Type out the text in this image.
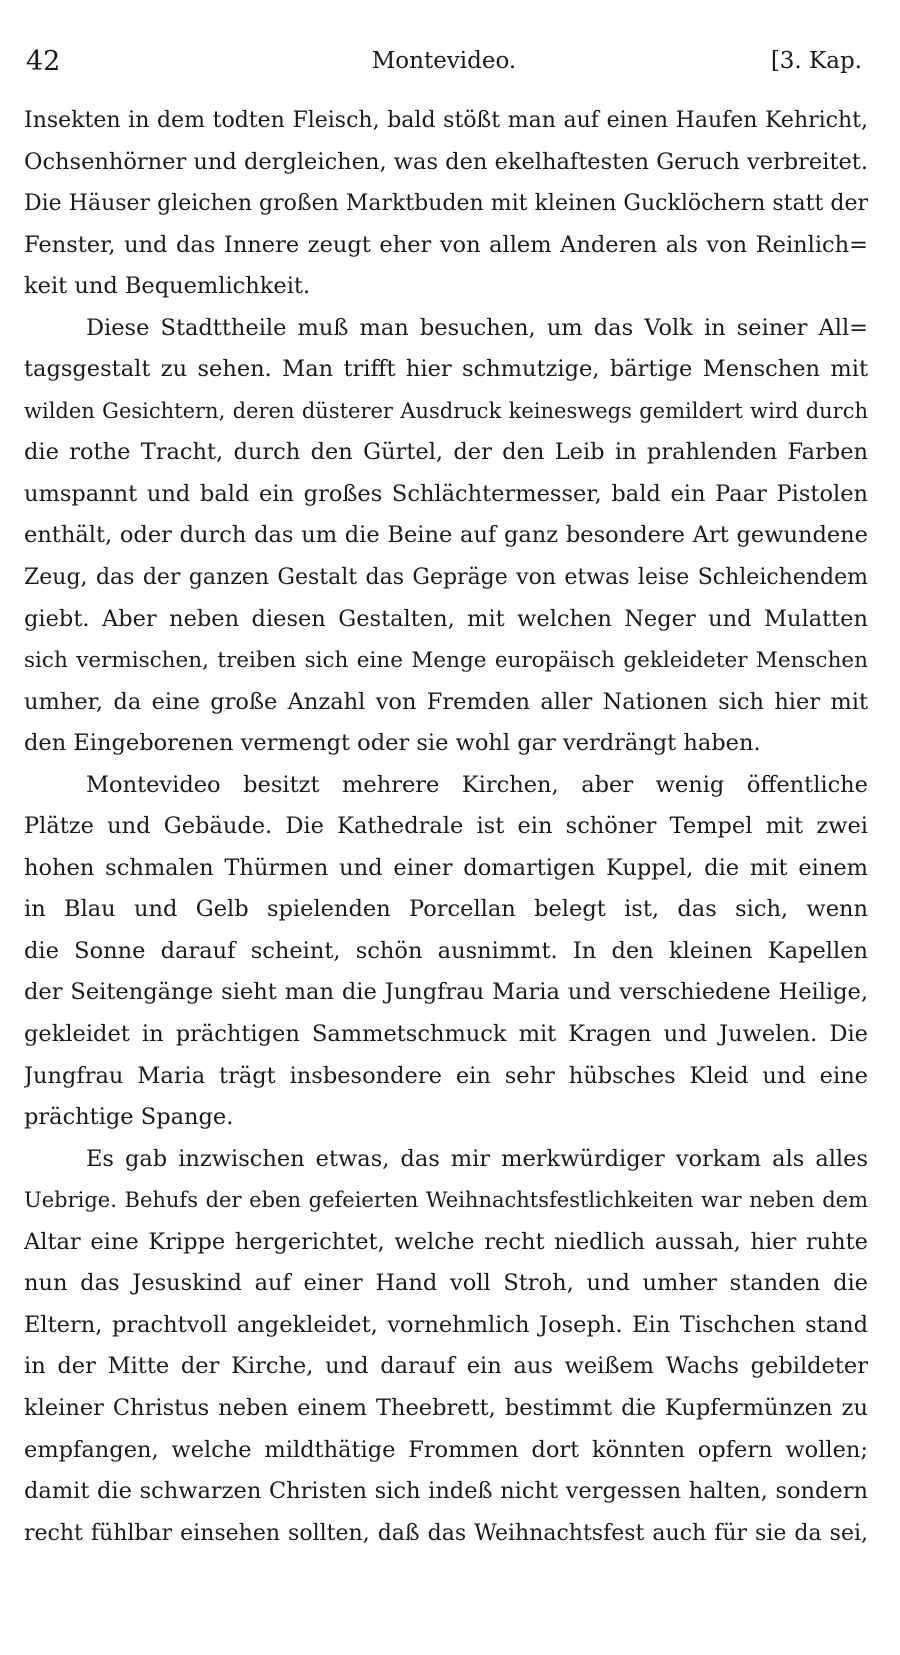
42	Montevideo.	[3. Kap.
Insekten in dem todten Fleisch, bald stößt man auf einen Haufen Kehricht,
Ochsenhörner und dergleichen, was den ekelhaftesten Geruch verbreitet.
Die Häuser gleichen großen Marktbuden mit kleinen Gucklöchern statt der
Fenster, und das Innere zeugt eher von allem Anderen als von Reinlich=
keit und Bequemlichkeit.
Diese Stadttheile muß man besuchen, um das Volk in seiner All=
tagsgestalt zu sehen. Man trifft hier schmutzige, bärtige Menschen mit
wilden Gesichtern, deren düsterer Ausdruck keineswegs gemildert wird durch
die rothe Tracht, durch den Gürtel, der den Leib in prahlenden Farben
umspannt und bald ein großes Schlächtermesser, bald ein Paar Pistolen
enthält, oder durch das um die Beine auf ganz besondere Art gewundene
Zeug, das der ganzen Gestalt das Gepräge von etwas leise Schleichendem
giebt. Aber neben diesen Gestalten, mit welchen Neger und Mulatten
sich vermischen, treiben sich eine Menge europäisch gekleideter Menschen
umher, da eine große Anzahl von Fremden aller Nationen sich hier mit
den Eingeborenen vermengt oder sie wohl gar verdrängt haben.
Montevideo besitzt mehrere Kirchen, aber wenig öffentliche
Plätze und Gebäude. Die Kathedrale ist ein schöner Tempel mit zwei
hohen schmalen Thürmen und einer domartigen Kuppel, die mit einem
in Blau und Gelb spielenden Porcellan belegt ist, das sich, wenn
die Sonne darauf scheint, schön ausnimmt. In den kleinen Kapellen
der Seitengänge sieht man die Jungfrau Maria und verschiedene Heilige,
gekleidet in prächtigen Sammetschmuck mit Kragen und Juwelen. Die
Jungfrau Maria trägt insbesondere ein sehr hübsches Kleid und eine
prächtige Spange.
Es gab inzwischen etwas, das mir merkwürdiger vorkam als alles
Uebrige. Behufs der eben gefeierten Weihnachtsfestlichkeiten war neben dem
Altar eine Krippe hergerichtet, welche recht niedlich aussah, hier ruhte
nun das Jesuskind auf einer Hand voll Stroh, und umher standen die
Eltern, prachtvoll angekleidet, vornehmlich Joseph. Ein Tischchen stand
in der Mitte der Kirche, und darauf ein aus weißem Wachs gebildeter
kleiner Christus neben einem Theebrett, bestimmt die Kupfermünzen zu
empfangen, welche mildthätige Frommen dort könnten opfern wollen;
damit die schwarzen Christen sich indeß nicht vergessen halten, sondern
recht fühlbar einsehen sollten, daß das Weihnachtsfest auch für sie da sei,
